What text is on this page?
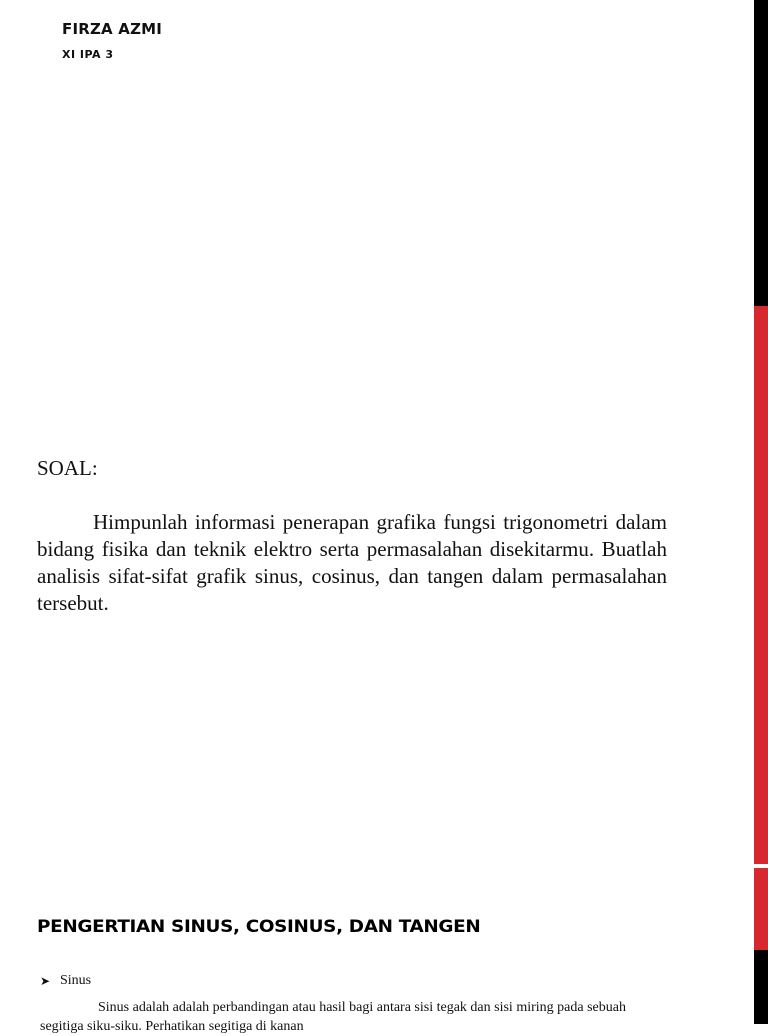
FIRZA AZMI
XI IPA 3
SOAL:

Himpunlah informasi penerapan grafika fungsi trigonometri dalam bidang fisika dan teknik elektro serta permasalahan disekitarmu. Buatlah analisis sifat-sifat grafik sinus, cosinus, dan tangen dalam permasalahan tersebut.

PENGERTIAN SINUS, COSINUS, DAN TANGEN
➤ Sinus

Sinus adalah adalah perbandingan atau hasil bagi antara sisi tegak dan sisi miring pada sebuah segitiga siku-siku. Perhatikan segitiga di kanan
